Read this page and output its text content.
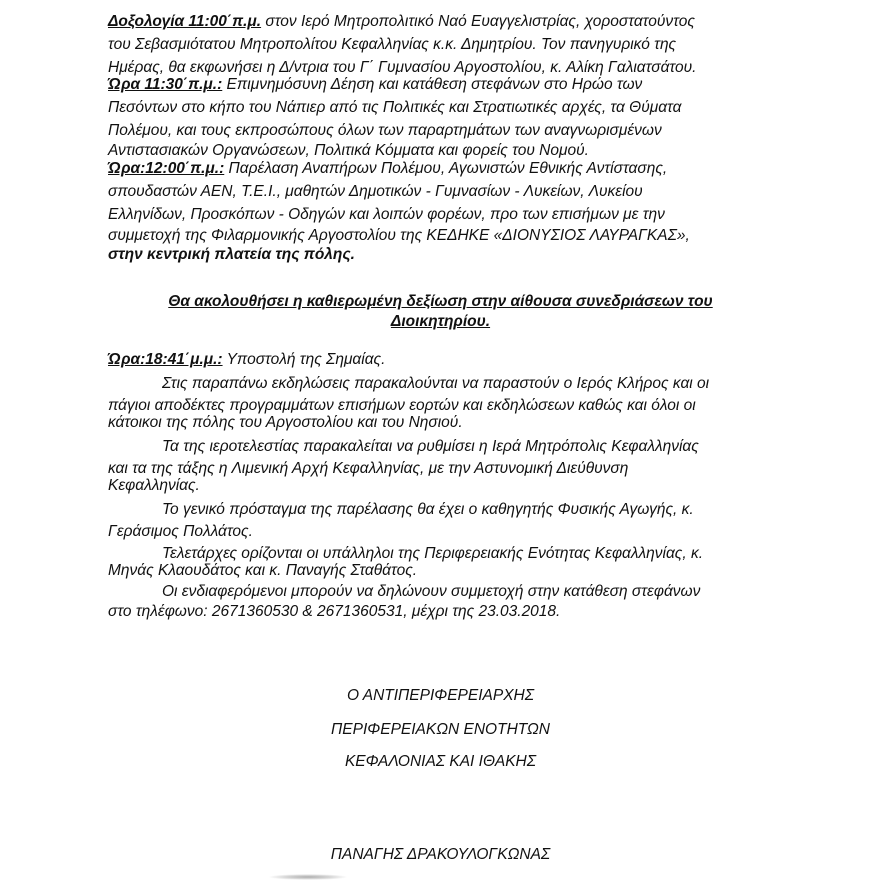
Δοξολογία 11:00΄π.μ. στον Ιερό Μητροπολιτικό Ναό Ευαγγελιστρίας, χοροστατούντος
του Σεβασμιότατου Μητροπολίτου Κεφαλληνίας κ.κ. Δημητρίου. Τον πανηγυρικό της
Ημέρας, θα εκφωνήσει η Δ/ντρια του Γ΄ Γυμνασίου Αργοστολίου, κ. Αλίκη Γαλιατσάτου.
Ώρα 11:30΄π.μ.: Επιμνημόσυνη Δέηση και κατάθεση στεφάνων στο Ηρώο των
Πεσόντων στο κήπο του Νάπιερ από τις Πολιτικές και Στρατιωτικές αρχές, τα Θύματα
Πολέμου, και τους εκπροσώπους όλων των παραρτημάτων των αναγνωρισμένων
Αντιστασιακών Οργανώσεων, Πολιτικά Κόμματα και φορείς του Νομού.
Ώρα:12:00΄π.μ.: Παρέλαση Αναπήρων Πολέμου, Αγωνιστών Εθνικής Αντίστασης,
σπουδαστών ΑΕΝ, Τ.Ε.Ι., μαθητών Δημοτικών - Γυμνασίων - Λυκείων, Λυκείου
Ελληνίδων, Προσκόπων - Οδηγών και λοιπών φορέων, προ των επισήμων με την
συμμετοχή της Φιλαρμονικής Αργοστολίου της ΚΕΔΗΚΕ «ΔΙΟΝΥΣΙΟΣ ΛΑΥΡΑΓΚΑΣ»,
στην κεντρική πλατεία της πόλης.
Θα ακολουθήσει η καθιερωμένη δεξίωση στην αίθουσα συνεδριάσεων του
Διοικητηρίου.
Ώρα:18:41΄μ.μ.: Υποστολή της Σημαίας.
Στις παραπάνω εκδηλώσεις παρακαλούνται να παραστούν ο Ιερός Κλήρος και οι
πάγιοι αποδέκτες προγραμμάτων επισήμων εορτών και εκδηλώσεων καθώς και όλοι οι
κάτοικοι της πόλης του Αργοστολίου και του Νησιού.
Τα της ιεροτελεστίας παρακαλείται να ρυθμίσει η Ιερά Μητρόπολις Κεφαλληνίας
και τα της τάξης η Λιμενική Αρχή Κεφαλληνίας, με την Αστυνομική Διεύθυνση
Κεφαλληνίας.
Το γενικό πρόσταγμα της παρέλασης θα έχει ο καθηγητής Φυσικής Αγωγής, κ.
Γεράσιμος Πολλάτος.
Τελετάρχες ορίζονται οι υπάλληλοι της Περιφερειακής Ενότητας Κεφαλληνίας, κ.
Μηνάς Κλαουδάτος και κ. Παναγής Σταθάτος.
Οι ενδιαφερόμενοι μπορούν να δηλώνουν συμμετοχή στην κατάθεση στεφάνων
στο τηλέφωνο: 2671360530 & 2671360531, μέχρι της 23.03.2018.
Ο ΑΝΤΙΠΕΡΙΦΕΡΕΙΑΡΧΗΣ
ΠΕΡΙΦΕΡΕΙΑΚΩΝ ΕΝΟΤΗΤΩΝ
ΚΕΦΑΛΟΝΙΑΣ ΚΑΙ ΙΘΑΚΗΣ
ΠΑΝΑΓΗΣ ΔΡΑΚΟΥΛΟΓΚΩΝΑΣ
